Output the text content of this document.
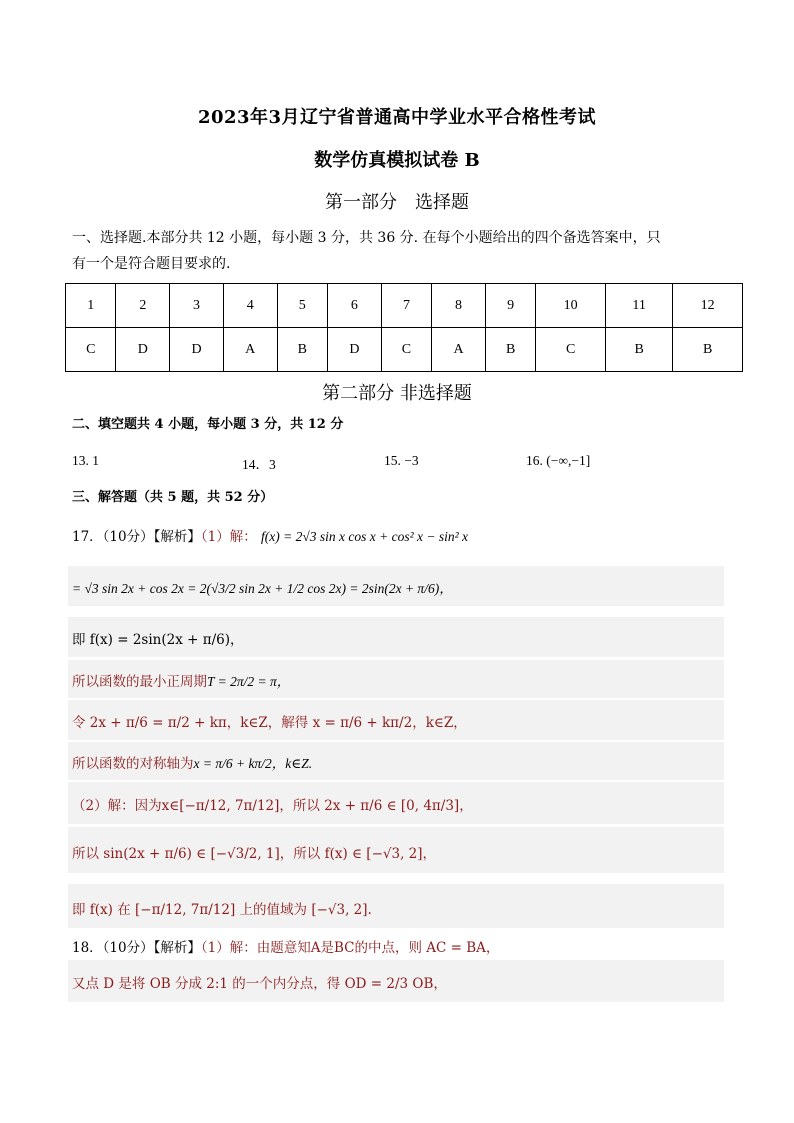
2023年3月辽宁省普通高中学业水平合格性考试
数学仿真模拟试卷 B
第一部分　选择题
一、选择题.本部分共 12 小题，每小题 3 分，共 36 分. 在每个小题给出的四个备选答案中，只
有一个是符合题目要求的.
1	2	3	4	5	6	7	8	9	10	11	12
C	D	D	A	B	D	C	A	B	C	B	B
第二部分 非选择题
二、填空题共 4 小题，每小题 3 分，共 12 分
13. 1	14．3	15. −3	16. (−∞,−1]
三、解答题（共 5 题，共 52 分）
17．（10分）【解析】（1）解： f(x) = 2√3 sin x cos x + cos² x − sin² x
= √3 sin 2x + cos 2x = 2(√3/2 sin 2x + 1/2 cos 2x) = 2sin(2x + π/6)，
即 f(x) = 2sin(2x + π/6)，
所以函数的最小正周期T = 2π/2 = π，
令 2x + π/6 = π/2 + kπ，k∈Z，解得 x = π/6 + kπ/2，k∈Z，
所以函数的对称轴为x = π/6 + kπ/2，k∈Z.
（2）解：因为x∈[−π/12, 7π/12]，所以 2x + π/6 ∈ [0, 4π/3]，
所以 sin(2x + π/6) ∈ [−√3/2, 1]，所以 f(x) ∈ [−√3, 2]，
即 f(x) 在 [−π/12, 7π/12] 上的值域为 [−√3, 2].
18．（10分）【解析】（1）解：由题意知A是BC的中点，则 AC = BA，
又点 D 是将 OB 分成 2:1 的一个内分点，得 OD = 2/3 OB，
